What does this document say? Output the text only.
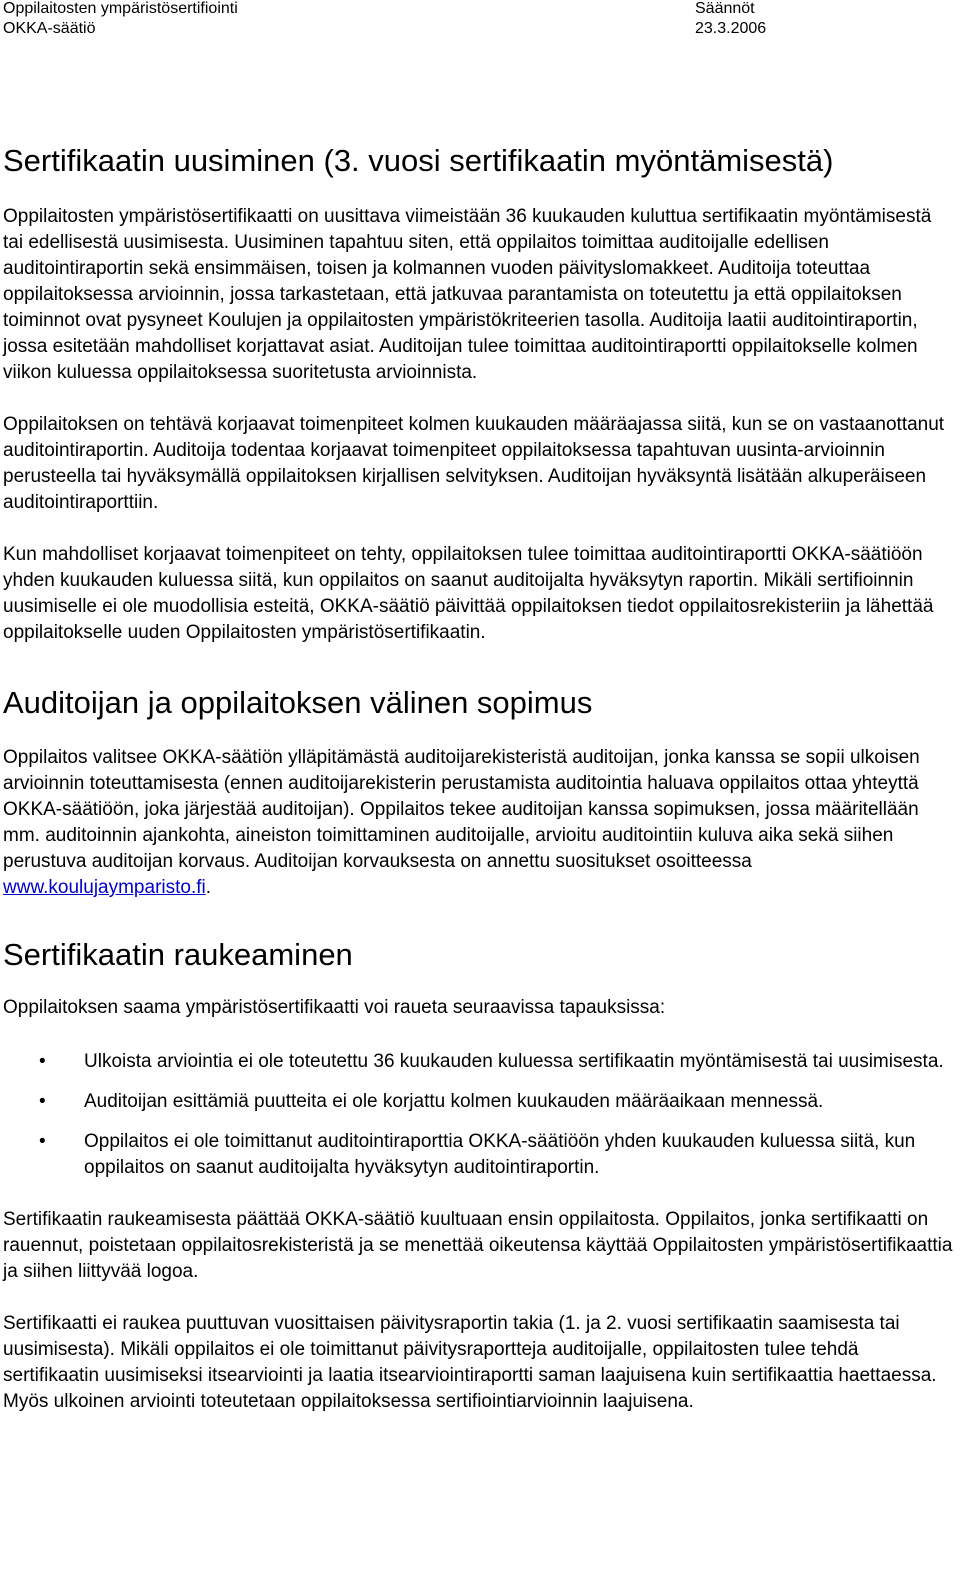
Oppilaitosten ympäristösertifiointi
OKKA-säätiö
Säännöt
23.3.2006
Sertifikaatin uusiminen (3. vuosi sertifikaatin myöntämisestä)

Oppilaitosten ympäristösertifikaatti on uusittava viimeistään 36 kuukauden kuluttua sertifikaatin myöntämisestä tai edellisestä uusimisesta. Uusiminen tapahtuu siten, että oppilaitos toimittaa auditoijalle edellisen auditointiraportin sekä ensimmäisen, toisen ja kolmannen vuoden päivityslomakkeet. Auditoija toteuttaa oppilaitoksessa arvioinnin, jossa tarkastetaan, että jatkuvaa parantamista on toteutettu ja että oppilaitoksen toiminnot ovat pysyneet Koulujen ja oppilaitosten ympäristökriteerien tasolla. Auditoija laatii auditointiraportin, jossa esitetään mahdolliset korjattavat asiat. Auditoijan tulee toimittaa auditointiraportti oppilaitokselle kolmen viikon kuluessa oppilaitoksessa suoritetusta arvioinnista.

Oppilaitoksen on tehtävä korjaavat toimenpiteet kolmen kuukauden määräajassa siitä, kun se on vastaanottanut auditointiraportin. Auditoija todentaa korjaavat toimenpiteet oppilaitoksessa tapahtuvan uusinta-arvioinnin perusteella tai hyväksymällä oppilaitoksen kirjallisen selvityksen. Auditoijan hyväksyntä lisätään alkuperäiseen auditointiraporttiin.

Kun mahdolliset korjaavat toimenpiteet on tehty, oppilaitoksen tulee toimittaa auditointiraportti OKKA-säätiöön yhden kuukauden kuluessa siitä, kun oppilaitos on saanut auditoijalta hyväksytyn raportin. Mikäli sertifioinnin uusimiselle ei ole muodollisia esteitä, OKKA-säätiö päivittää oppilaitoksen tiedot oppilaitosrekisteriin ja lähettää oppilaitokselle uuden Oppilaitosten ympäristösertifikaatin.

Auditoijan ja oppilaitoksen välinen sopimus

Oppilaitos valitsee OKKA-säätiön ylläpitämästä auditoijarekisteristä auditoijan, jonka kanssa se sopii ulkoisen arvioinnin toteuttamisesta (ennen auditoijarekisterin perustamista auditointia haluava oppilaitos ottaa yhteyttä OKKA-säätiöön, joka järjestää auditoijan). Oppilaitos tekee auditoijan kanssa sopimuksen, jossa määritellään mm. auditoinnin ajankohta, aineiston toimittaminen auditoijalle, arvioitu auditointiin kuluva aika sekä siihen perustuva auditoijan korvaus. Auditoijan korvauksesta on annettu suositukset osoitteessa www.koulujaymparisto.fi.

Sertifikaatin raukeaminen

Oppilaitoksen saama ympäristösertifikaatti voi raueta seuraavissa tapauksissa:

• Ulkoista arviointia ei ole toteutettu 36 kuukauden kuluessa sertifikaatin myöntämisestä tai uusimisesta.
• Auditoijan esittämiä puutteita ei ole korjattu kolmen kuukauden määräaikaan mennessä.
• Oppilaitos ei ole toimittanut auditointiraporttia OKKA-säätiöön yhden kuukauden kuluessa siitä, kun oppilaitos on saanut auditoijalta hyväksytyn auditointiraportin.

Sertifikaatin raukeamisesta päättää OKKA-säätiö kuultuaan ensin oppilaitosta. Oppilaitos, jonka sertifikaatti on rauennut, poistetaan oppilaitosrekisteristä ja se menettää oikeutensa käyttää Oppilaitosten ympäristösertifikaattia ja siihen liittyvää logoa.

Sertifikaatti ei raukea puuttuvan vuosittaisen päivitysraportin takia (1. ja 2. vuosi sertifikaatin saamisesta tai uusimisesta). Mikäli oppilaitos ei ole toimittanut päivitysraportteja auditoijalle, oppilaitosten tulee tehdä sertifikaatin uusimiseksi itsearviointi ja laatia itsearviointiraportti saman laajuisena kuin sertifikaattia haettaessa. Myös ulkoinen arviointi toteutetaan oppilaitoksessa sertifiointiarvioinnin laajuisena.
